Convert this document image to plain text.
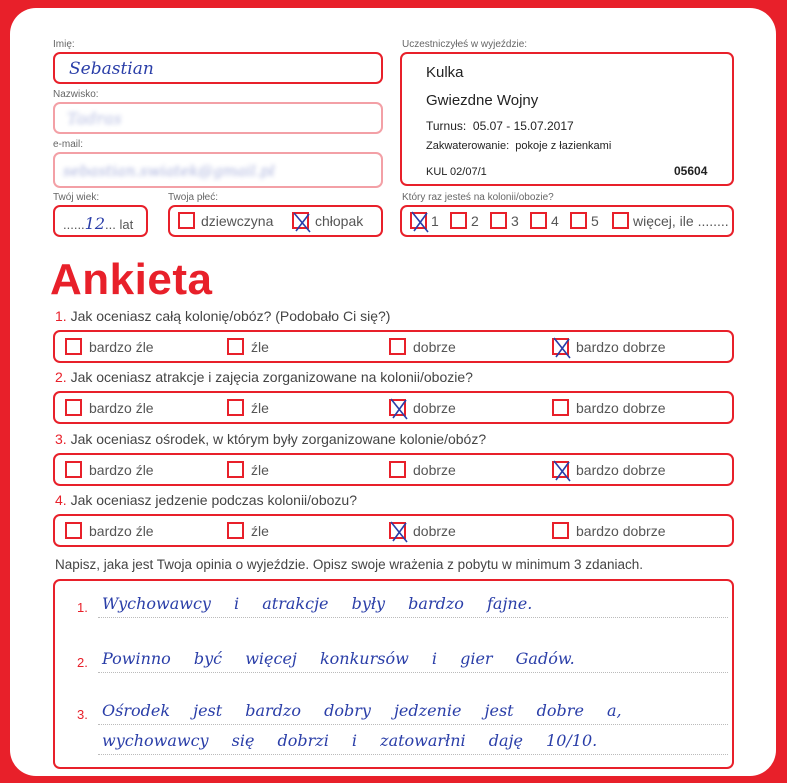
Imię:
Sebastian
Nazwisko:
Tadras
e-mail:
sebastian.swiatek@gmail.pl
Twój wiek:
......12... lat
Twoja płeć:
dziewczyna	chłopak
Uczestniczyłeś w wyjeździe:
Kulka
Gwiezdne Wojny
Turnus: 05.07 - 15.07.2017
Zakwaterowanie: pokoje z łazienkami
KUL 02/07/1	05604
Który raz jesteś na kolonii/obozie?
1 2 3 4 5 więcej, ile ........
Ankieta
1. Jak oceniasz całą kolonię/obóz? (Podobało Ci się?)
bardzo źle	źle	dobrze	bardzo dobrze
2. Jak oceniasz atrakcje i zajęcia zorganizowane na kolonii/obozie?
bardzo źle	źle	dobrze	bardzo dobrze
3. Jak oceniasz ośrodek, w którym były zorganizowane kolonie/obóz?
bardzo źle	źle	dobrze	bardzo dobrze
4. Jak oceniasz jedzenie podczas kolonii/obozu?
bardzo źle	źle	dobrze	bardzo dobrze
Napisz, jaka jest Twoja opinia o wyjeździe. Opisz swoje wrażenia z pobytu w minimum 3 zdaniach.
1. Wychowawcy i atrakcje były bardzo fajne.
2. Powinno być więcej konkursów i gier Gadów.
3. Ośrodek jest bardzo dobry jedzenie jest dobre a,
wychowawcy się dobrzi i zatowarłni daję 10/10.
